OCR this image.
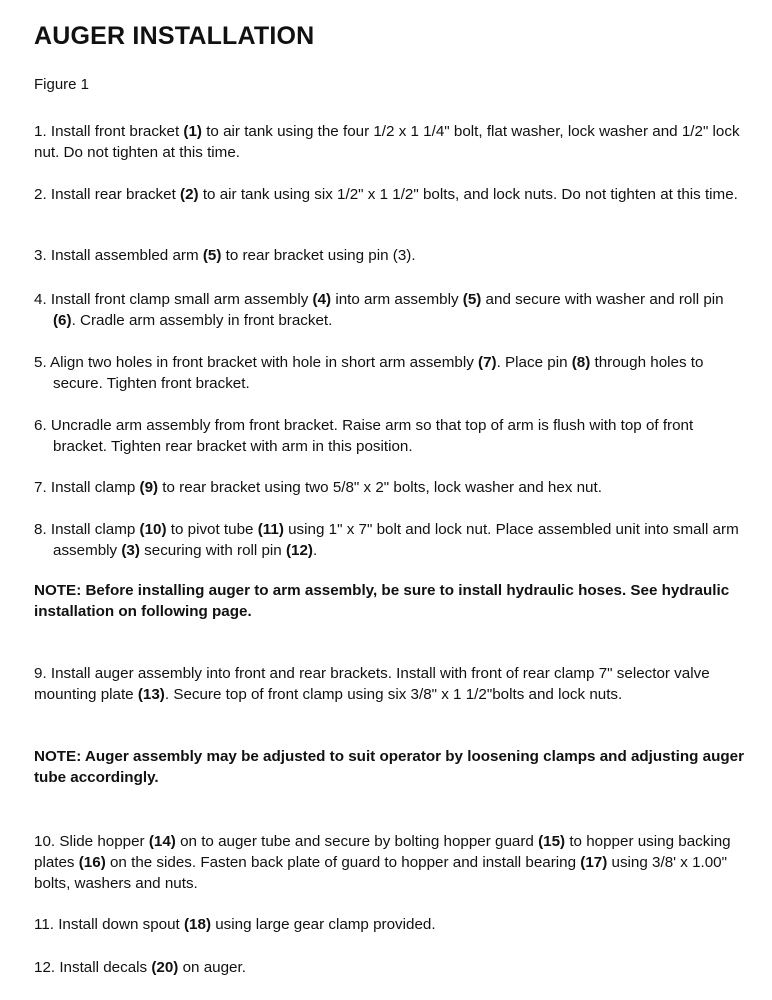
AUGER INSTALLATION
Figure 1
1. Install front bracket (1) to air tank using the four 1/2 x 1 1/4" bolt, flat washer, lock washer and 1/2" lock nut. Do not tighten at this time.
2. Install rear bracket (2) to air tank using six 1/2" x 1 1/2" bolts, and lock nuts. Do not tighten at this time.
3. Install assembled arm (5) to rear bracket using pin (3).
4. Install front clamp small arm assembly (4) into arm assembly (5) and secure with washer and roll pin (6). Cradle arm assembly in front bracket.
5. Align two holes in front bracket with hole in short arm assembly (7). Place pin (8) through holes to secure. Tighten front bracket.
6. Uncradle arm assembly from front bracket. Raise arm so that top of arm is flush with top of front bracket. Tighten rear bracket with arm in this position.
7. Install clamp (9) to rear bracket using two 5/8" x 2" bolts, lock washer and hex nut.
8. Install clamp (10) to pivot tube (11) using 1" x 7" bolt and lock nut. Place assembled unit into small arm assembly (3) securing with roll pin (12).
NOTE: Before installing auger to arm assembly, be sure to install hydraulic hoses. See hydraulic installation on following page.
9. Install auger assembly into front and rear brackets. Install with front of rear clamp 7" selector valve mounting plate (13). Secure top of front clamp using six 3/8" x 1 1/2"bolts and lock nuts.
NOTE: Auger assembly may be adjusted to suit operator by loosening clamps and adjusting auger tube accordingly.
10. Slide hopper (14) on to auger tube and secure by bolting hopper guard (15) to hopper using backing plates (16) on the sides. Fasten back plate of guard to hopper and install bearing (17) using 3/8' x 1.00" bolts, washers and nuts.
11. Install down spout (18) using large gear clamp provided.
12. Install decals (20) on auger.
